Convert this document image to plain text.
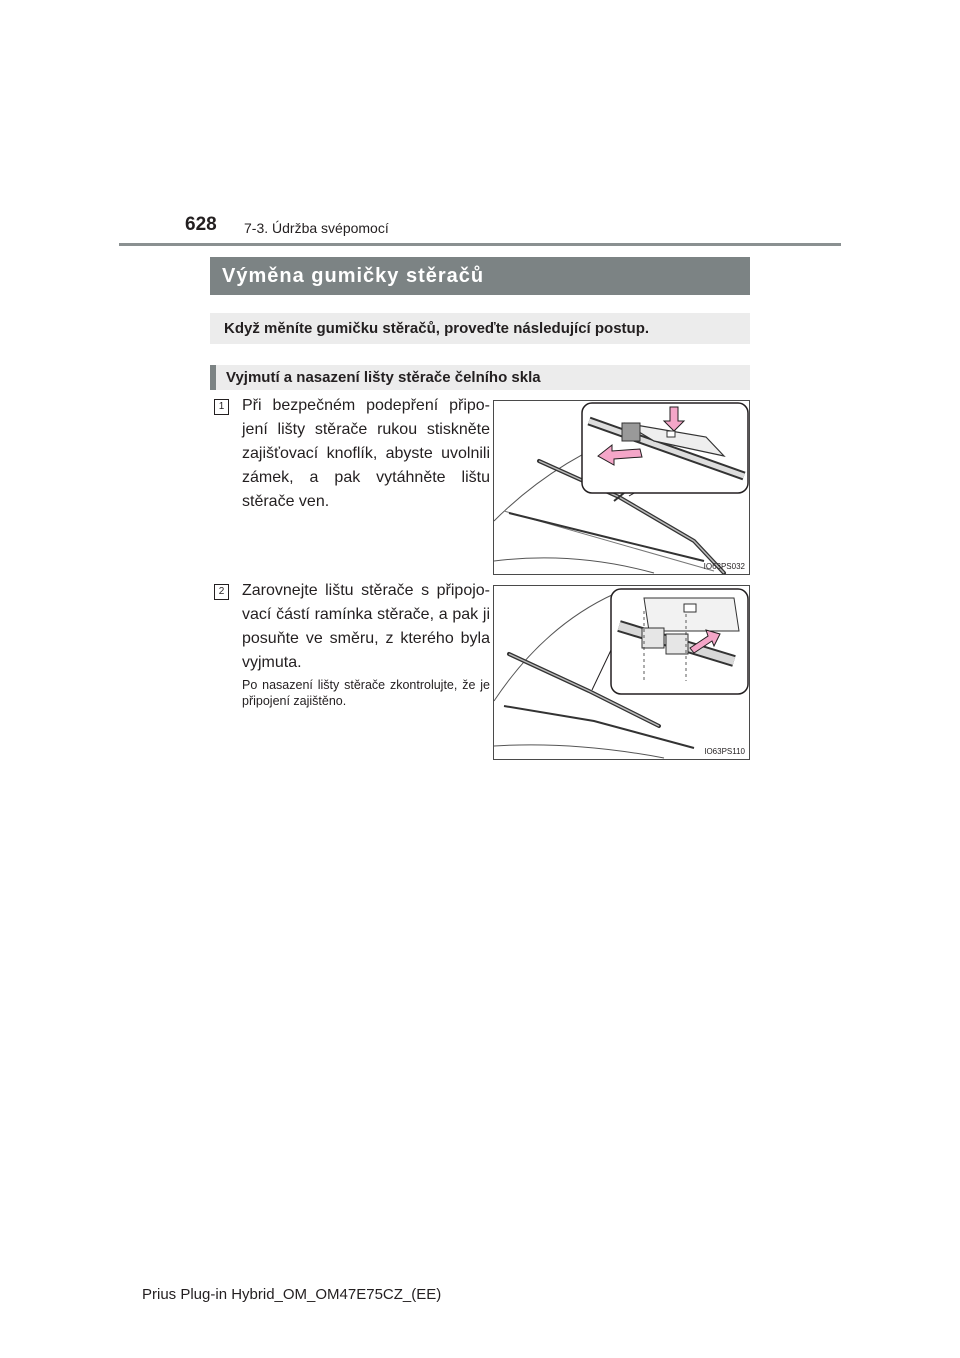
628 7-3. Údržba svépomocí
Výměna gumičky stěračů
Když měníte gumičku stěračů, proveďte následující postup.
Vyjmutí a nasazení lišty stěrače čelního skla
1 Při bezpečném podepření připojení lišty stěrače rukou stiskněte zajišťovací knoflík, abyste uvolnili zámek, a pak vytáhněte lištu stěrače ven.
IO63PS032
2 Zarovnejte lištu stěrače s připojovací částí ramínka stěrače, a pak ji posuňte ve směru, z kterého byla vyjmuta.
Po nasazení lišty stěrače zkontrolujte, že je připojení zajištěno.
IO63PS110
Prius Plug-in Hybrid_OM_OM47E75CZ_(EE)
